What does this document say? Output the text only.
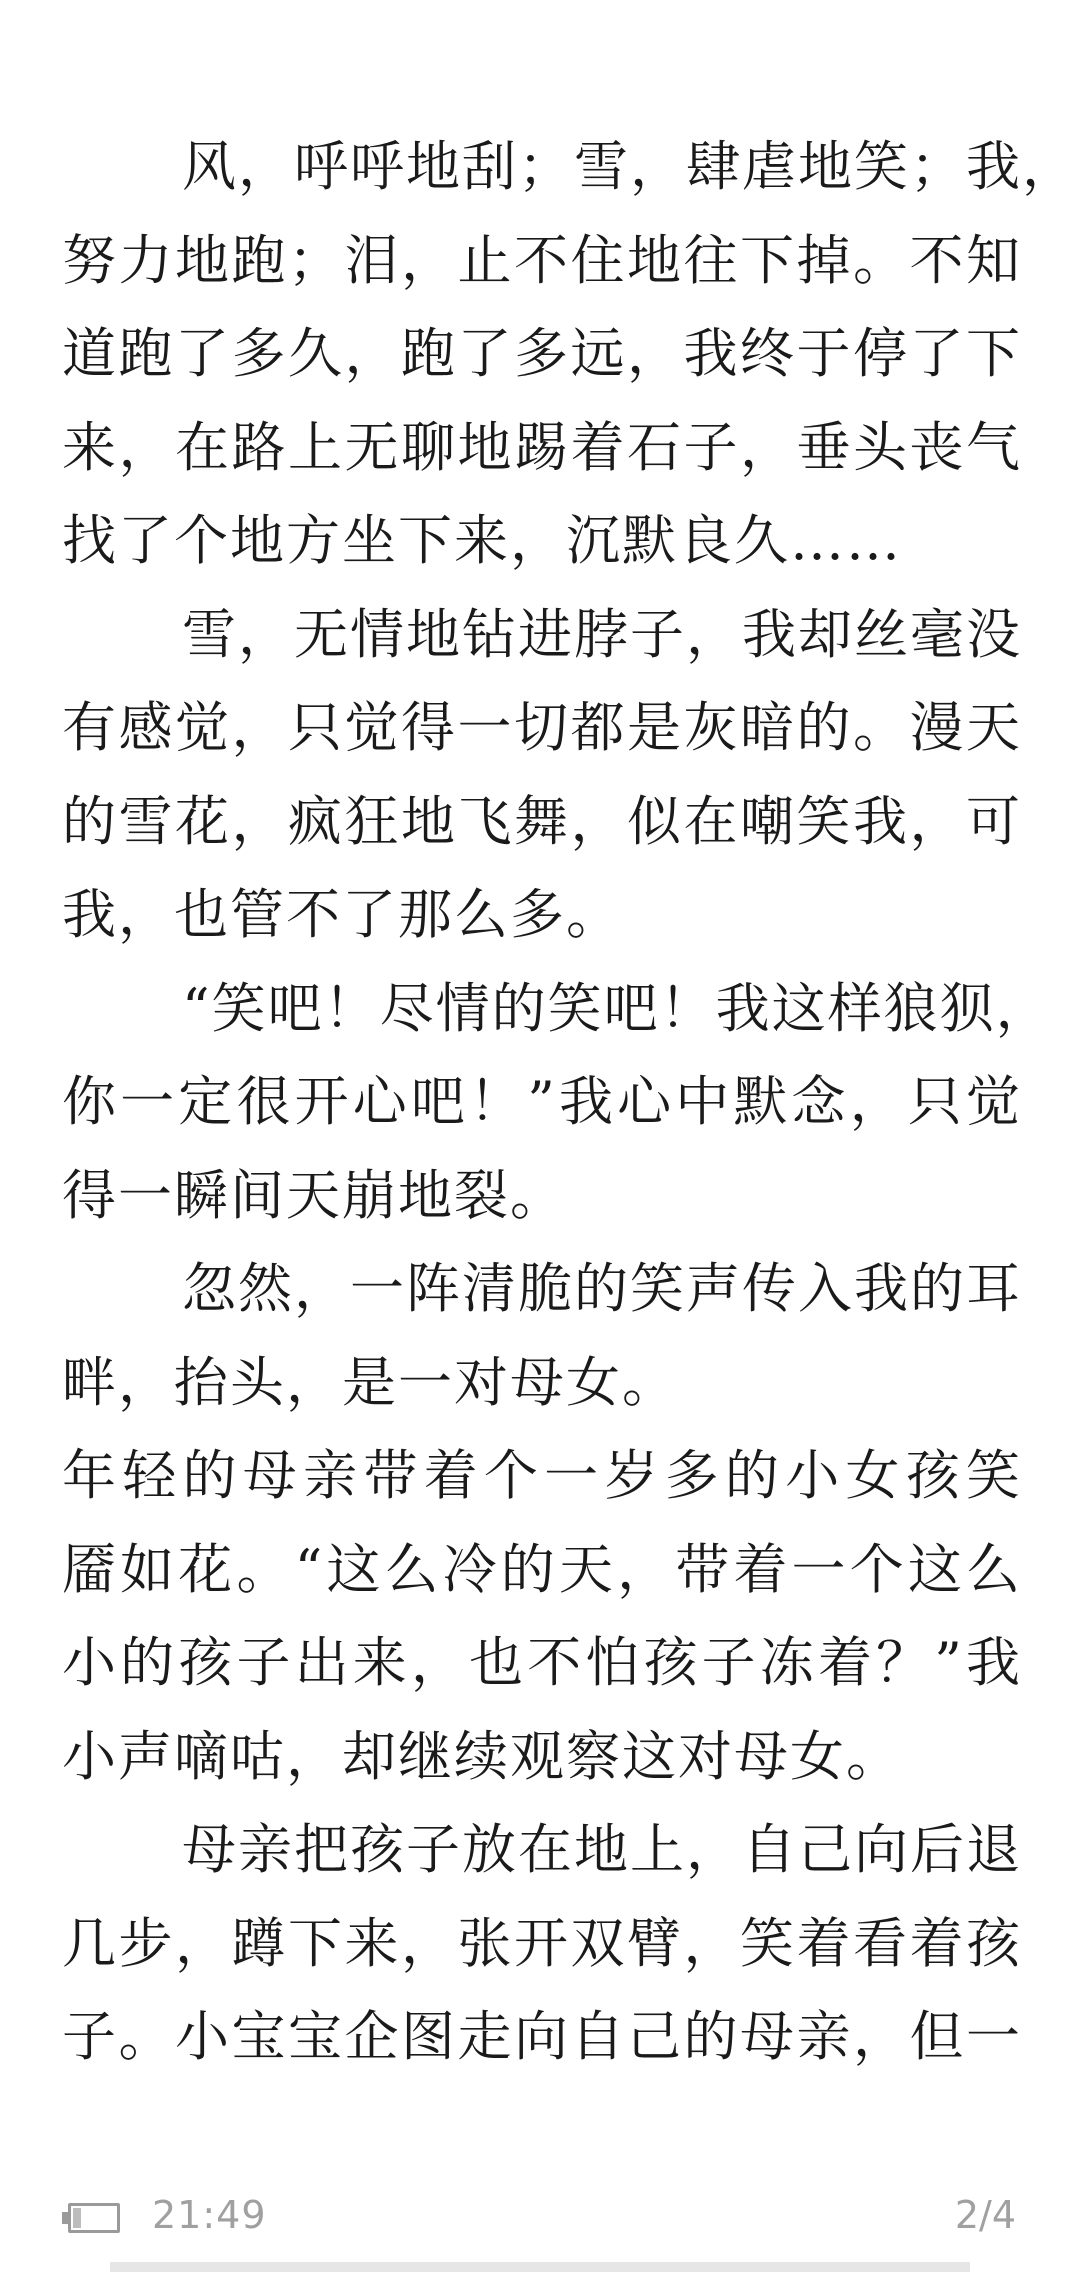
风，呼呼地刮；雪，肆虐地笑；我，
努力地跑；泪，止不住地往下掉。不知
道跑了多久，跑了多远，我终于停了下
来，在路上无聊地踢着石子，垂头丧气
找了个地方坐下来，沉默良久……
雪，无情地钻进脖子，我却丝毫没
有感觉，只觉得一切都是灰暗的。漫天
的雪花，疯狂地飞舞，似在嘲笑我，可
我，也管不了那么多。
“笑吧！尽情的笑吧！我这样狼狈，
你一定很开心吧！”我心中默念，只觉
得一瞬间天崩地裂。
忽然，一阵清脆的笑声传入我的耳
畔，抬头，是一对母女。
年轻的母亲带着个一岁多的小女孩笑
靥如花。“这么冷的天，带着一个这么
小的孩子出来，也不怕孩子冻着？”我
小声嘀咕，却继续观察这对母女。
母亲把孩子放在地上，自己向后退
几步，蹲下来，张开双臂，笑着看着孩
子。小宝宝企图走向自己的母亲，但一
21:49	2/4
